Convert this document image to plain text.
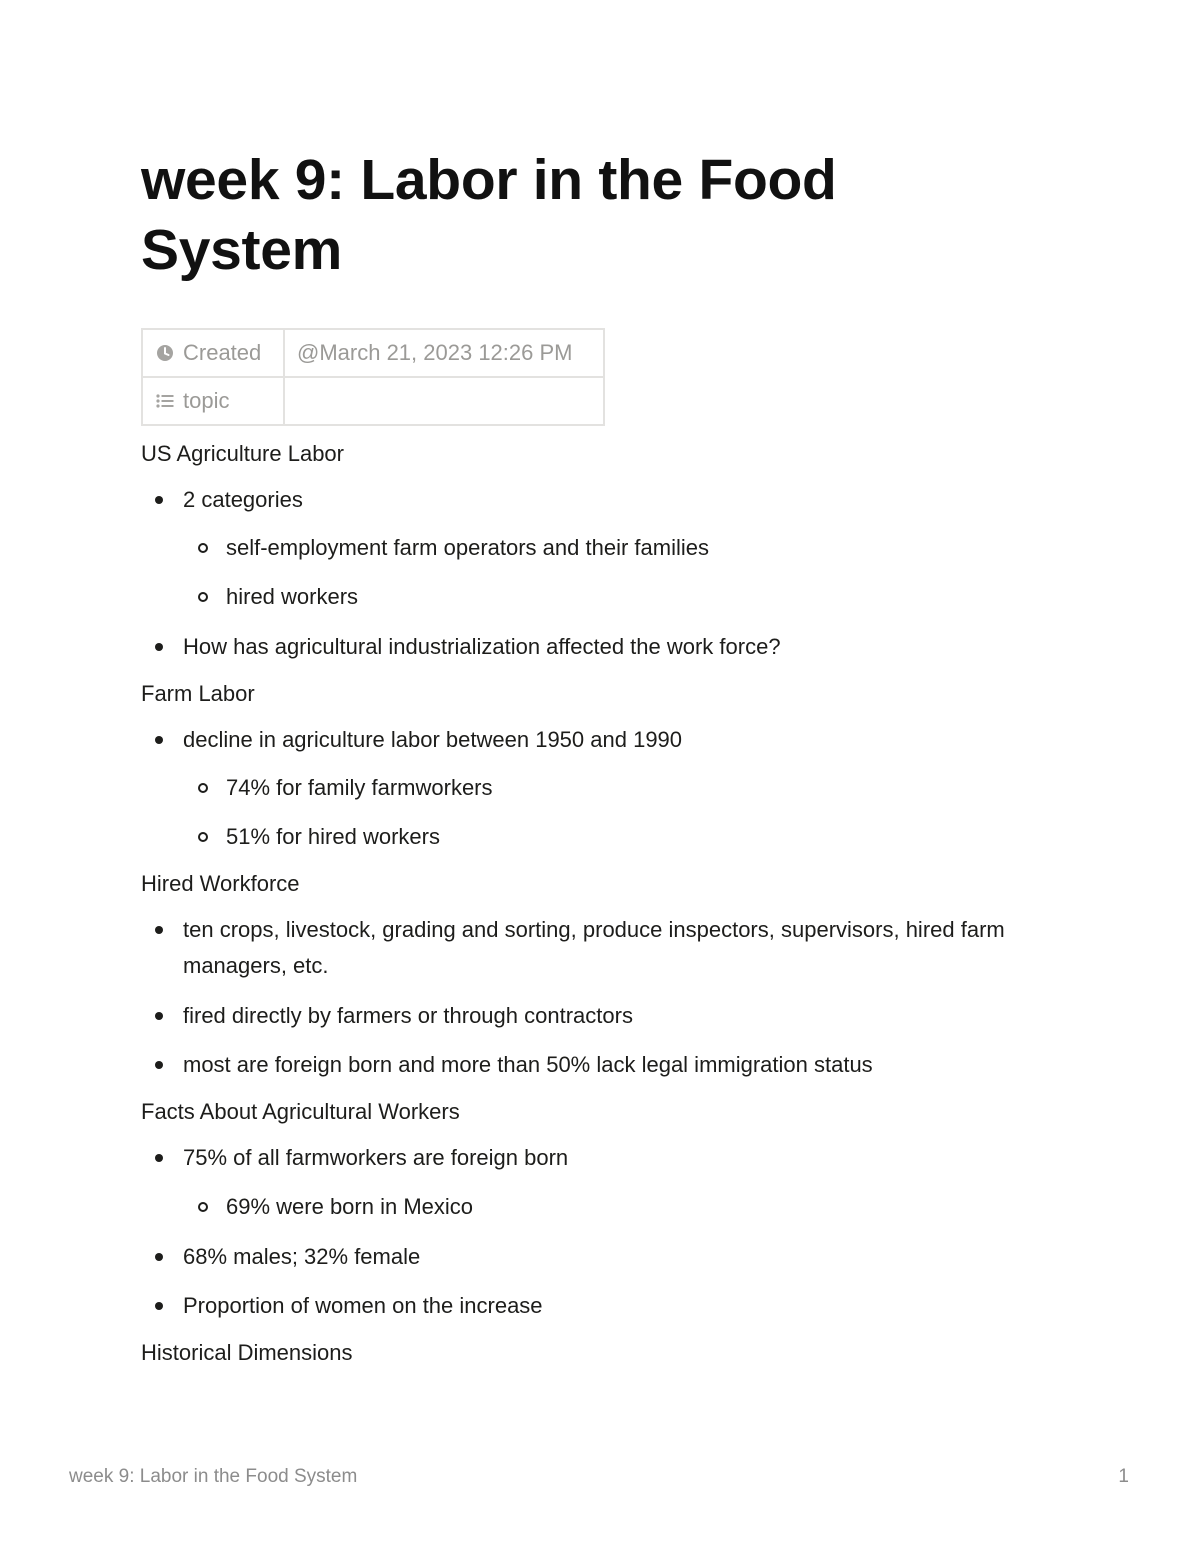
week 9: Labor in the Food System
Created	@March 21, 2023 12:26 PM
topic	

US Agriculture Labor

2 categories
self-employment farm operators and their families
hired workers
How has agricultural industrialization affected the work force?

Farm Labor

decline in agriculture labor between 1950 and 1990
74% for family farmworkers
51% for hired workers

Hired Workforce

ten crops, livestock, grading and sorting, produce inspectors, supervisors, hired farm managers, etc.
fired directly by farmers or through contractors
most are foreign born and more than 50% lack legal immigration status

Facts About Agricultural Workers

75% of all farmworkers are foreign born
69% were born in Mexico
68% males; 32% female
Proportion of women on the increase

Historical Dimensions

week 9: Labor in the Food System	1
